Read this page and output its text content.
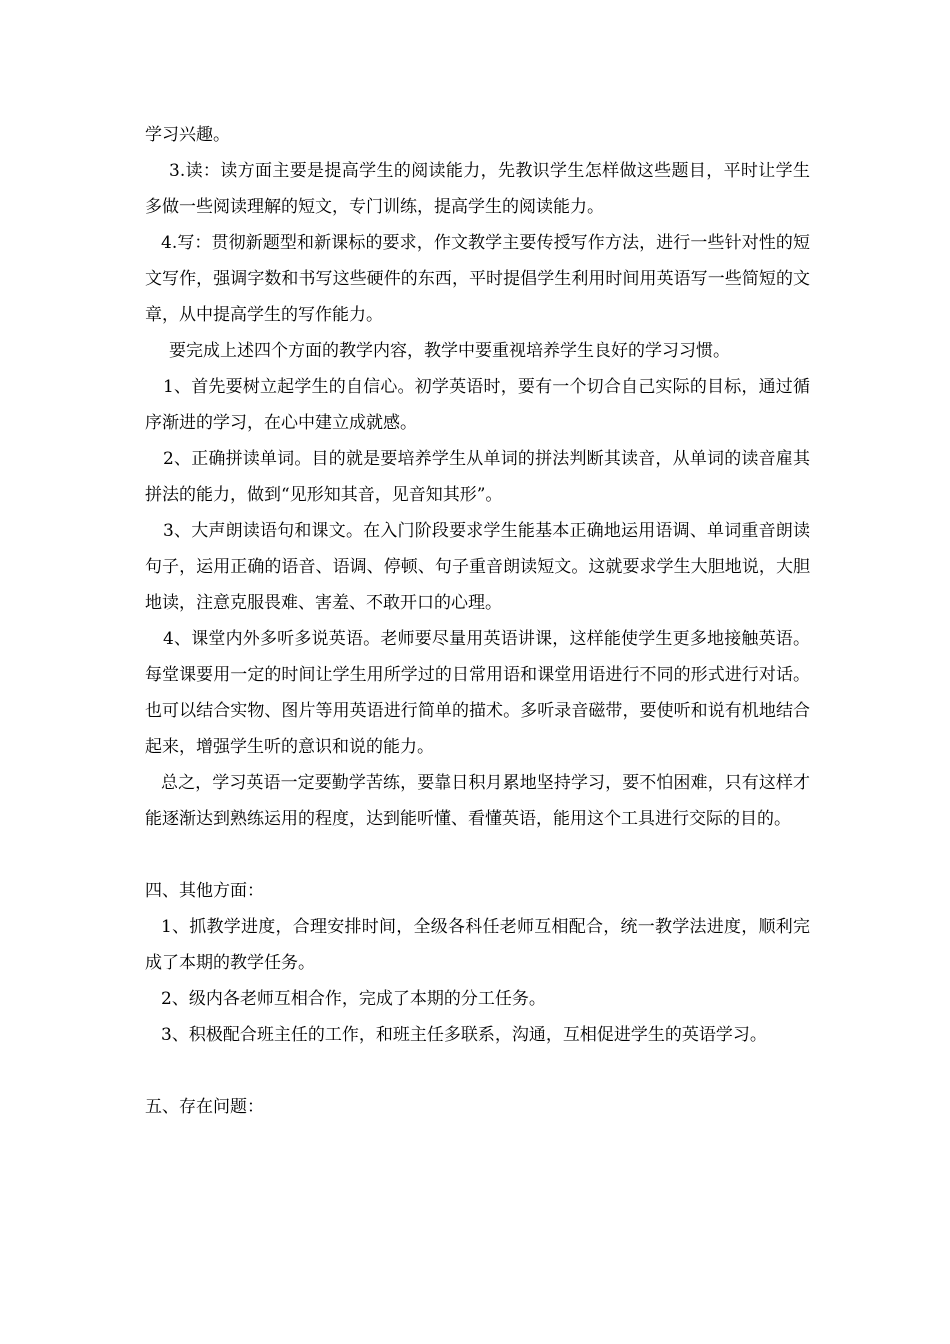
学习兴趣。

3.读：读方面主要是提高学生的阅读能力，先教识学生怎样做这些题目，平时让学生多做一些阅读理解的短文，专门训练，提高学生的阅读能力。

4.写：贯彻新题型和新课标的要求，作文教学主要传授写作方法，进行一些针对性的短文写作，强调字数和书写这些硬件的东西，平时提倡学生利用时间用英语写一些简短的文章，从中提高学生的写作能力。

要完成上述四个方面的教学内容，教学中要重视培养学生良好的学习习惯。

1、首先要树立起学生的自信心。初学英语时，要有一个切合自己实际的目标，通过循序渐进的学习，在心中建立成就感。

2、正确拼读单词。目的就是要培养学生从单词的拼法判断其读音，从单词的读音雇其拼法的能力，做到“见形知其音，见音知其形”。

3、大声朗读语句和课文。在入门阶段要求学生能基本正确地运用语调、单词重音朗读句子，运用正确的语音、语调、停顿、句子重音朗读短文。这就要求学生大胆地说，大胆地读，注意克服畏难、害羞、不敢开口的心理。

4、课堂内外多听多说英语。老师要尽量用英语讲课，这样能使学生更多地接触英语。每堂课要用一定的时间让学生用所学过的日常用语和课堂用语进行不同的形式进行对话。也可以结合实物、图片等用英语进行简单的描术。多听录音磁带，要使听和说有机地结合起来，增强学生听的意识和说的能力。

总之，学习英语一定要勤学苦练，要靠日积月累地坚持学习，要不怕困难，只有这样才能逐渐达到熟练运用的程度，达到能听懂、看懂英语，能用这个工具进行交际的目的。

四、其他方面：

1、抓教学进度，合理安排时间，全级各科任老师互相配合，统一教学法进度，顺利完成了本期的教学任务。

2、级内各老师互相合作，完成了本期的分工任务。

3、积极配合班主任的工作，和班主任多联系，沟通，互相促进学生的英语学习。

五、存在问题：
